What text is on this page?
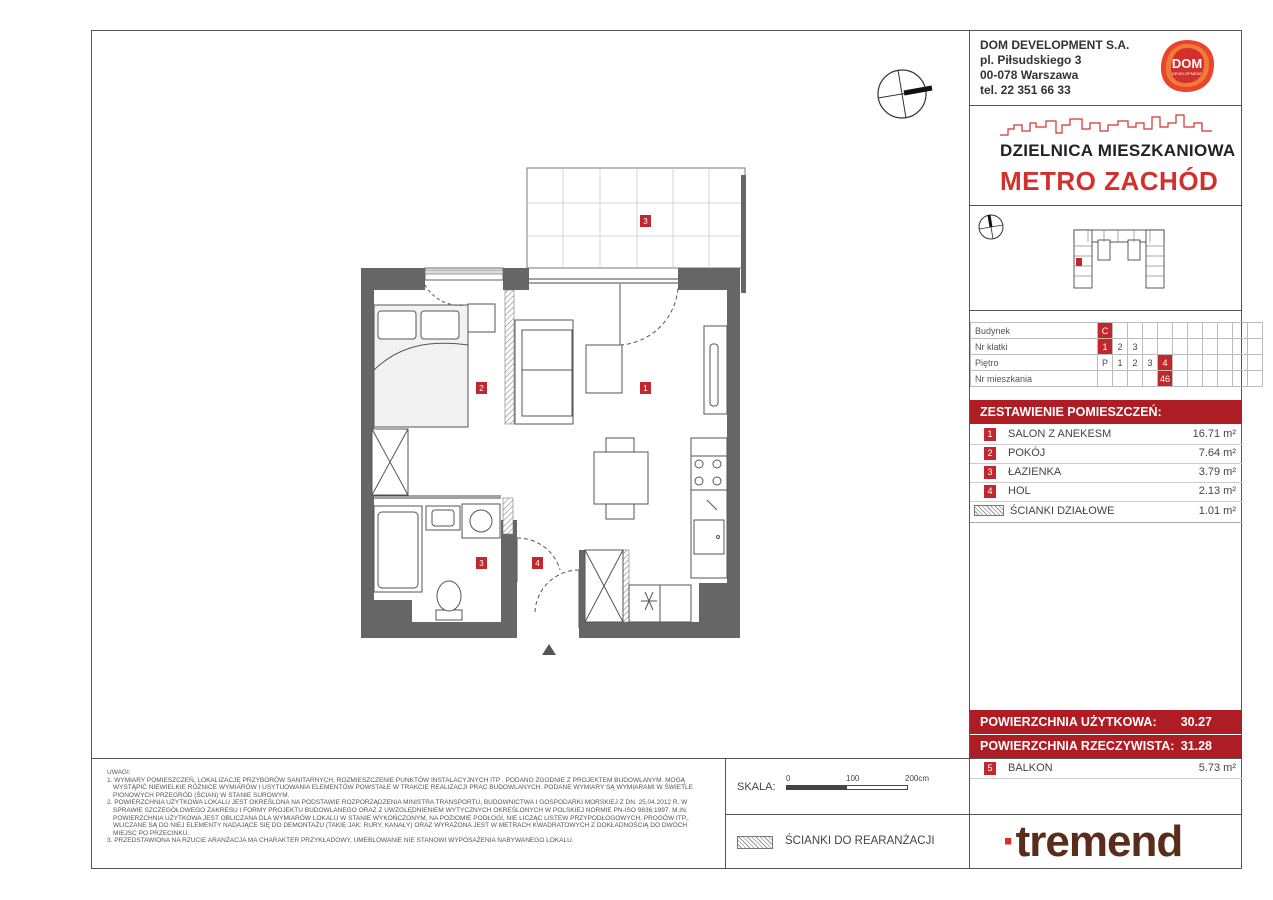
DOM DEVELOPMENT S.A.
pl. Piłsudskiego 3
00-078 Warszawa
tel. 22 351 66 33
DOM
DEVELOPMENT
DZIELNICA MIESZKANIOWA
METRO ZACHÓD
Budynek	C										
Nr klatki	1	2	3								
Piętro	P	1	2	3	4						
Nr mieszkania					46						
ZESTAWIENIE POMIESZCZEŃ:
1	SALON Z ANEKESM	16.71 m²
2	POKÓJ	7.64 m²
3	ŁAZIENKA	3.79 m²
4	HOL	2.13 m²
ŚCIANKI DZIAŁOWE	1.01 m²
POWIERZCHNIA UŻYTKOWA: 30.27
POWIERZCHNIA RZECZYWISTA: 31.28
5	BALKON	5.73 m²
SKALA:
0	100	200cm
ŚCIANKI DO REARANŻACJI ·tremend
UWAGI:
1. WYMIARY POMIESZCZEŃ, LOKALIZACJĘ PRZYBORÓW SANITARNYCH, ROZMIESZCZENIE PUNKTÓW INSTALACYJNYCH ITP . PODANO ZGODNIE Z PROJEKTEM BUDOWLANYM. MOGĄ
WYSTĄPIĆ NIEWIELKIE RÓŻNICE WYMIARÓW I USYTUOWANIA ELEMENTÓW POWSTAŁE W TRAKCIE REALIZACJI PRAC BUDOWLANYCH. PODANE WYMIARY SĄ WYMIARAMI W ŚWIETLE
PIONOWYCH PRZEGRÓD (ŚCIAN) W STANIE SUROWYM.
2. POWIERZCHNIA UŻYTKOWA LOKALU JEST OKREŚLONA NA PODSTAWIE ROZPORZĄDZENIA MINISTRA TRANSPORTU, BUDOWNICTWA I GOSPODARKI MORSKIEJ Z DN. 25.04.2012 R. W
SPRAWIE SZCZEGÓŁOWEGO ZAKRESU I FORMY PROJEKTU BUDOWLANEGO ORAZ Z UWZGLĘDNIENIEM WYTYCZNYCH OKREŚLONYCH W POLSKIEJ NORMIE PN-ISO 9836:1997. M.IN.
POWIERZCHNIA UŻYTKOWA JEST OBLICZANA DLA WYMIARÓW LOKALU W STANIE WYKOŃCZONYM, NA POZIOMIE PODŁOGI, NIE LICZĄC LISTEW PRZYPODŁOGOWYCH, PROGÓW ITP.,
WLICZANE SĄ DO NIEJ ELEMENTY NADAJĄCE SIĘ DO DEMONTAŻU (TAKIE JAK: RURY, KANAŁY) ORAZ WYRAŻONA JEST W METRACH KWADRATOWYCH Z DOKŁADNOŚCIĄ DO DWÓCH
MIEJSC PO PRZECINKU.
3. PRZEDSTAWIONA NA RZUCIE ARANŻACJA MA CHARAKTER PRZYKŁADOWY, UMEBLOWANIE NIE STANOWI WYPOSAŻENIA NABYWANEGO LOKALU.
3
1
2
3	4
